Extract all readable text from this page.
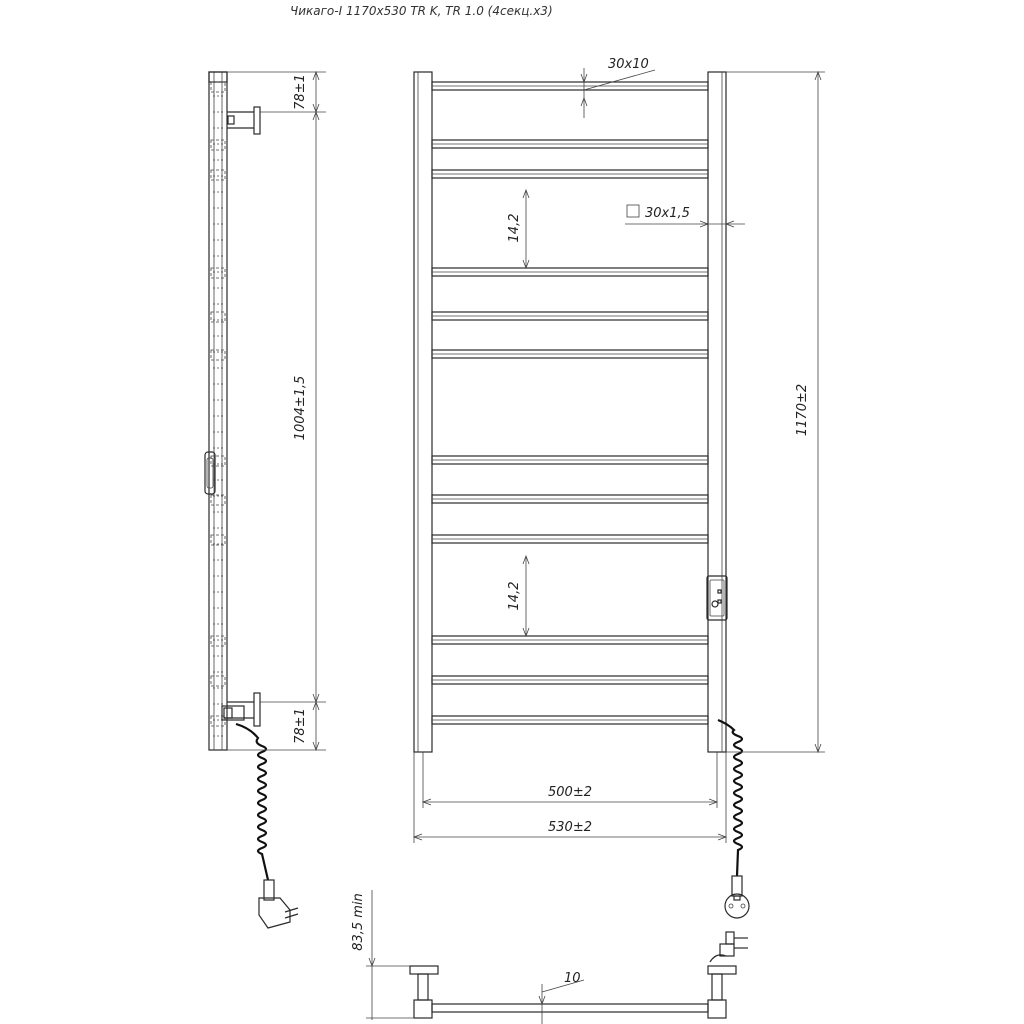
Чикаго-I 1170х530 TR K, TR 1.0 (4секц.х3)
78±1
1004±1,5
78±1
30х10
14,2
14,2
30х1,5
1170±2
500±2
530±2
83,5 min
10
